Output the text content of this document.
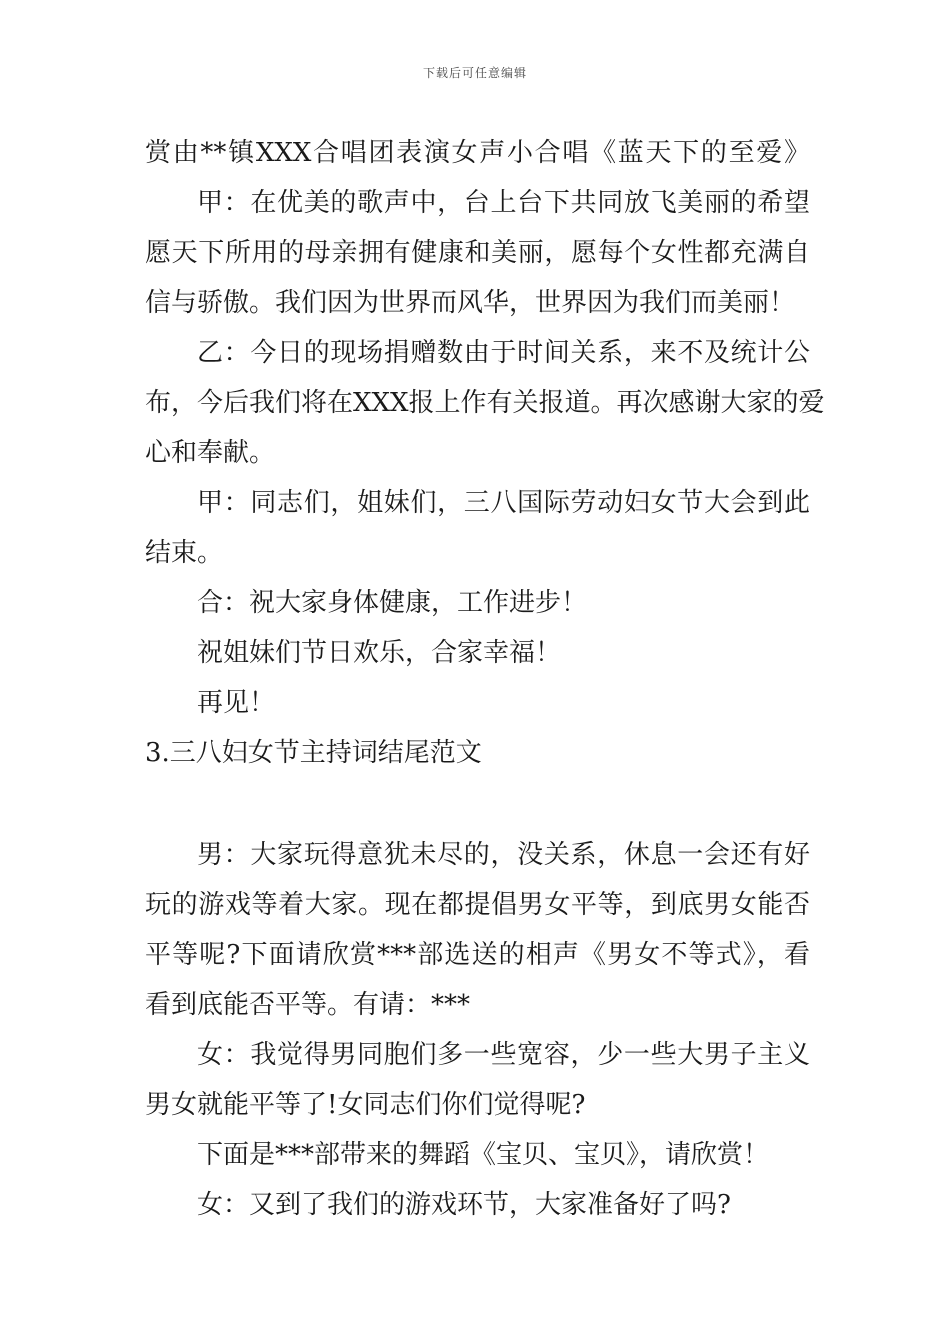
下载后可任意编辑
赏由**镇XXX合唱团表演女声小合唱《蓝天下的至爱》
甲：在优美的歌声中，台上台下共同放飞美丽的希望
愿天下所用的母亲拥有健康和美丽，愿每个女性都充满自
信与骄傲。我们因为世界而风华，世界因为我们而美丽！
乙：今日的现场捐赠数由于时间关系，来不及统计公
布，今后我们将在XXX报上作有关报道。再次感谢大家的爱
心和奉献。
甲：同志们，姐妹们，三八国际劳动妇女节大会到此
结束。
合：祝大家身体健康，工作进步！
祝姐妹们节日欢乐，合家幸福！
再见！
3.三八妇女节主持词结尾范文
男：大家玩得意犹未尽的，没关系，休息一会还有好
玩的游戏等着大家。现在都提倡男女平等，到底男女能否
平等呢?下面请欣赏***部选送的相声《男女不等式》，看
看到底能否平等。有请：***
女：我觉得男同胞们多一些宽容，少一些大男子主义
男女就能平等了!女同志们你们觉得呢?
下面是***部带来的舞蹈《宝贝、宝贝》，请欣赏！
女：又到了我们的游戏环节，大家准备好了吗?
